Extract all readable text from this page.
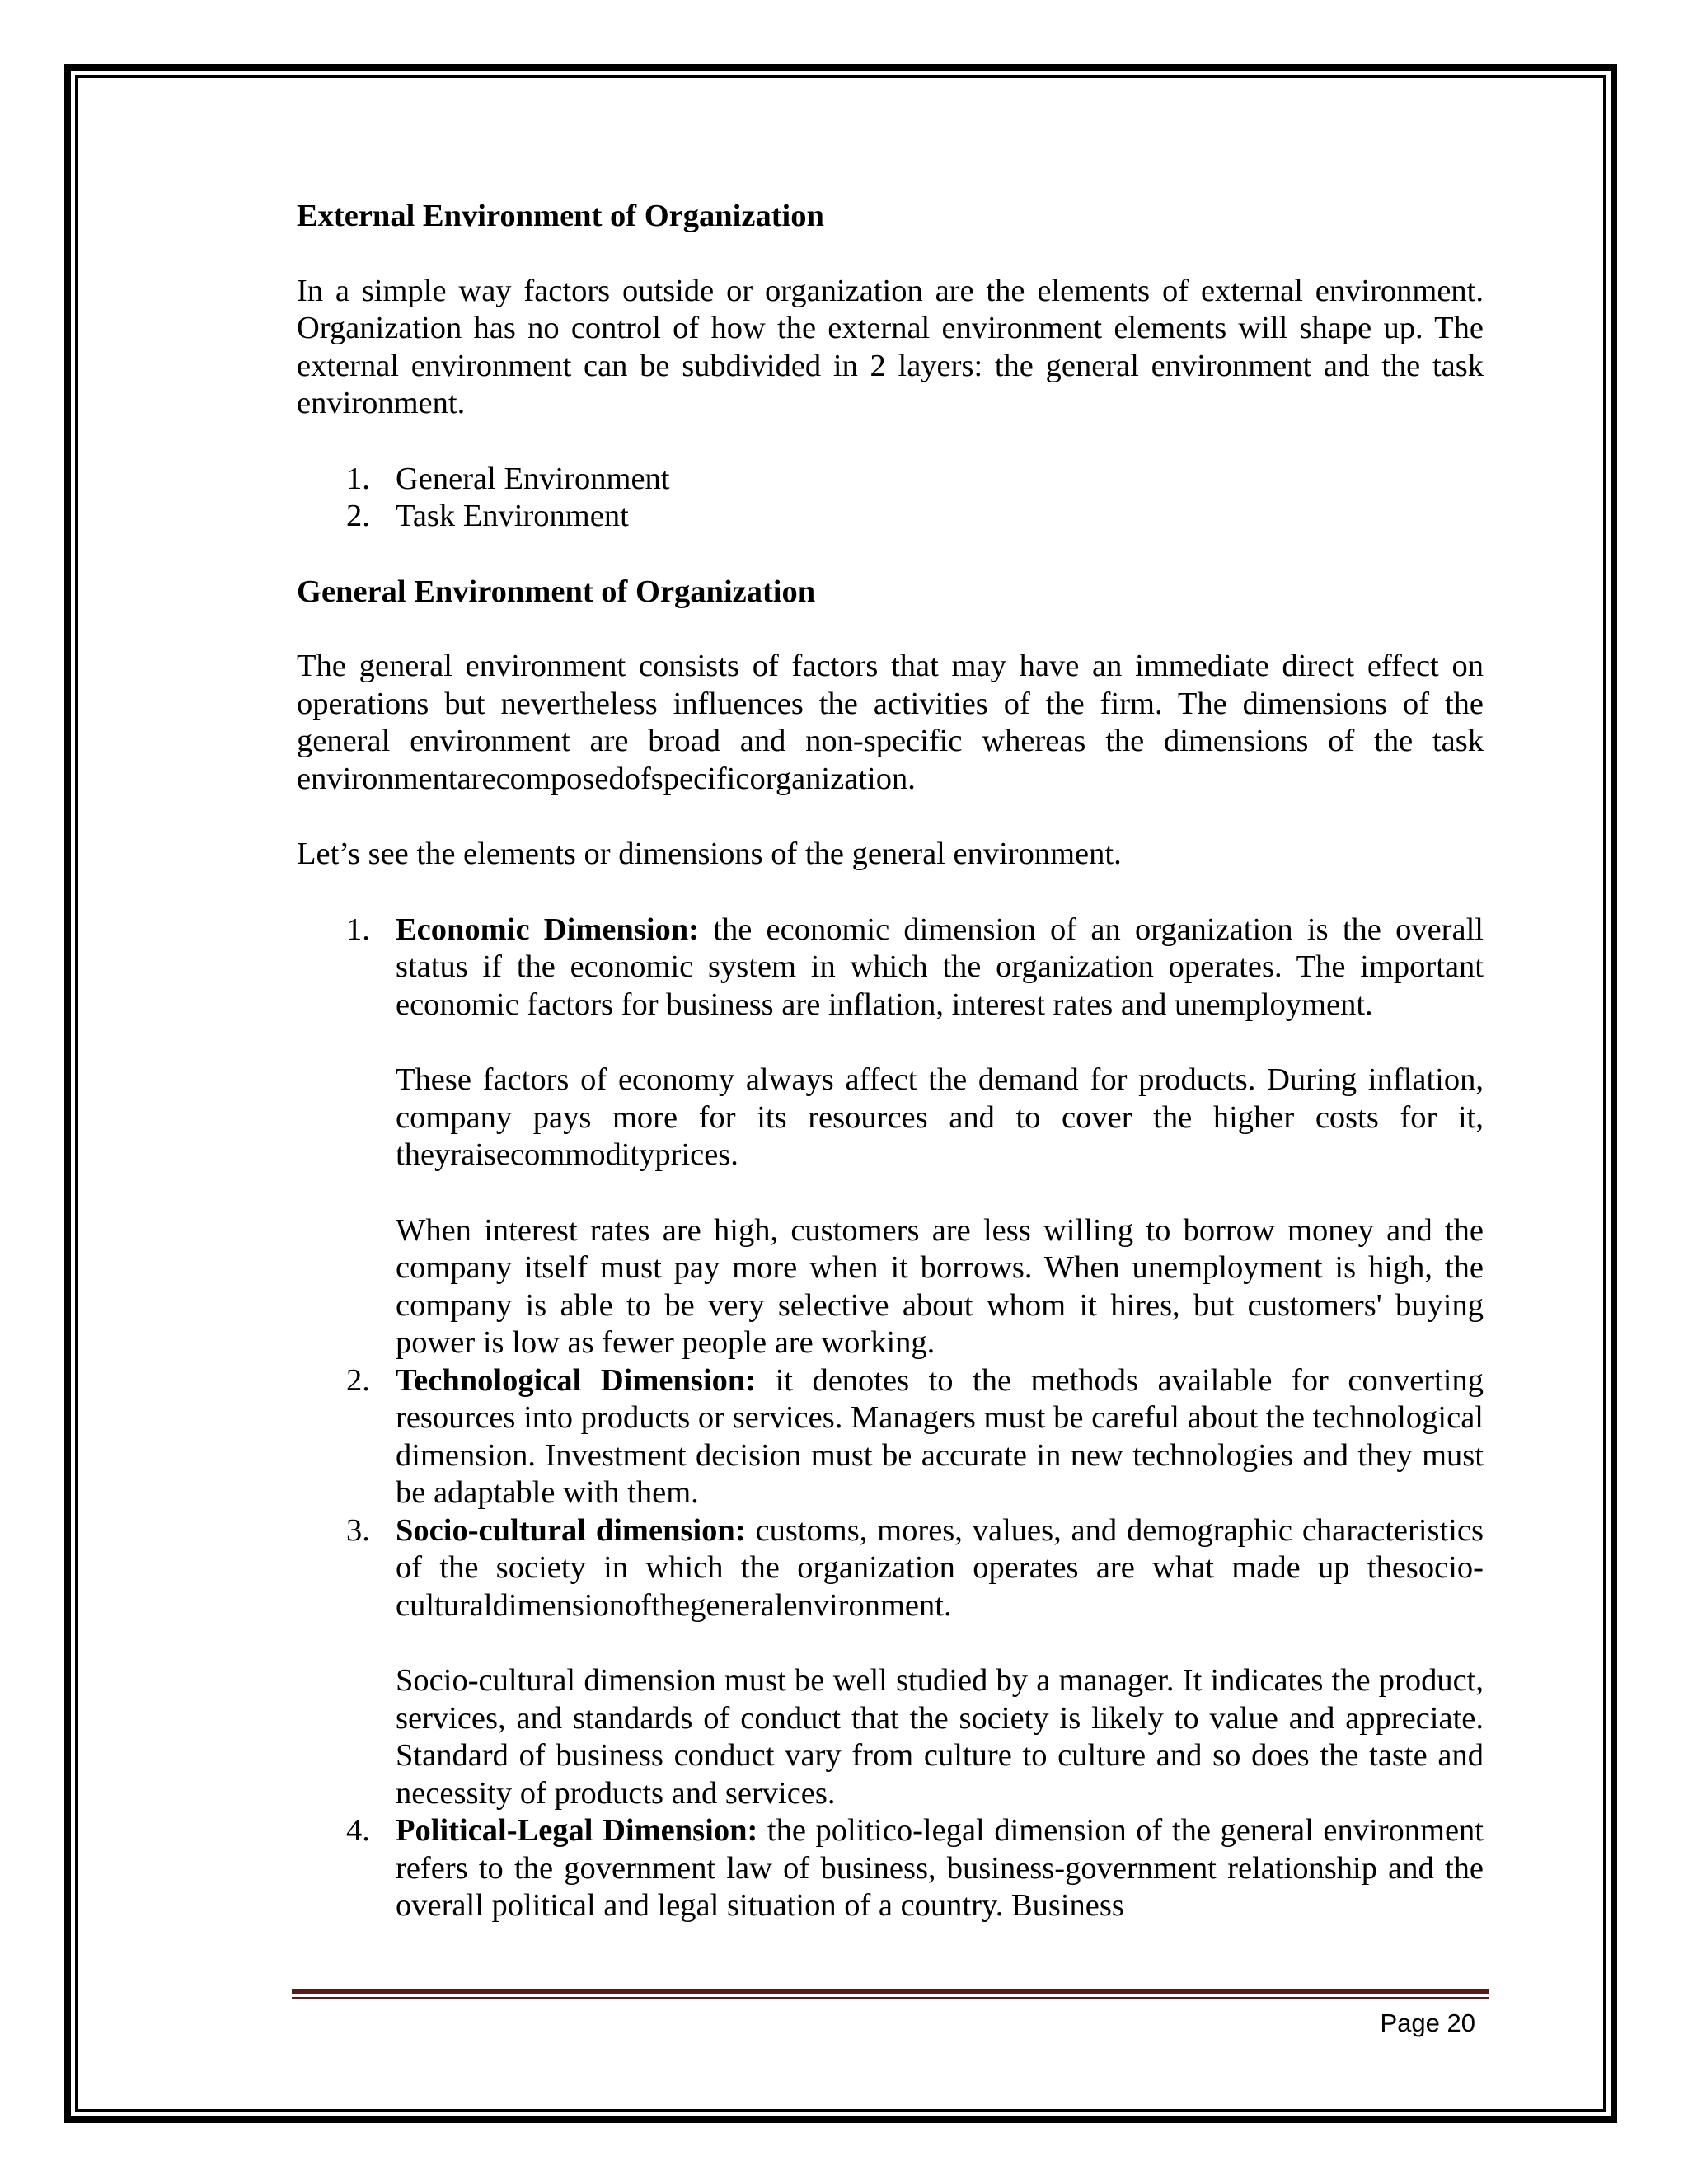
External Environment of Organization

In a simple way factors outside or organization are the elements of external environment. Organization has no control of how the external environment elements will shape up. The external environment can be subdivided in 2 layers: the general environment and the task environment.

1. General Environment
2. Task Environment
General Environment of Organization

The general environment consists of factors that may have an immediate direct effect on operations but nevertheless influences the activities of the firm. The dimensions of the general environment are broad and non-specific whereas the dimensions of the task environmentarecomposedofspecificorganization.

Let’s see the elements or dimensions of the general environment.

1. Economic Dimension: the economic dimension of an organization is the overall status if the economic system in which the organization operates. The important economic factors for business are inflation, interest rates and unemployment.

These factors of economy always affect the demand for products. During inflation, company pays more for its resources and to cover the higher costs for it, theyraisecommodityprices.

When interest rates are high, customers are less willing to borrow money and the company itself must pay more when it borrows. When unemployment is high, the company is able to be very selective about whom it hires, but customers' buying power is low as fewer people are working.

2. Technological Dimension: it denotes to the methods available for converting resources into products or services. Managers must be careful about the technological dimension. Investment decision must be accurate in new technologies and they must be adaptable with them.

3. Socio-cultural dimension: customs, mores, values, and demographic characteristics of the society in which the organization operates are what made up thesocio-culturaldimensionofthegeneralenvironment.

Socio-cultural dimension must be well studied by a manager. It indicates the product, services, and standards of conduct that the society is likely to value and appreciate. Standard of business conduct vary from culture to culture and so does the taste and necessity of products and services.

4. Political-Legal Dimension: the politico-legal dimension of the general environment refers to the government law of business, business-government relationship and the overall political and legal situation of a country. Business

Page 20
